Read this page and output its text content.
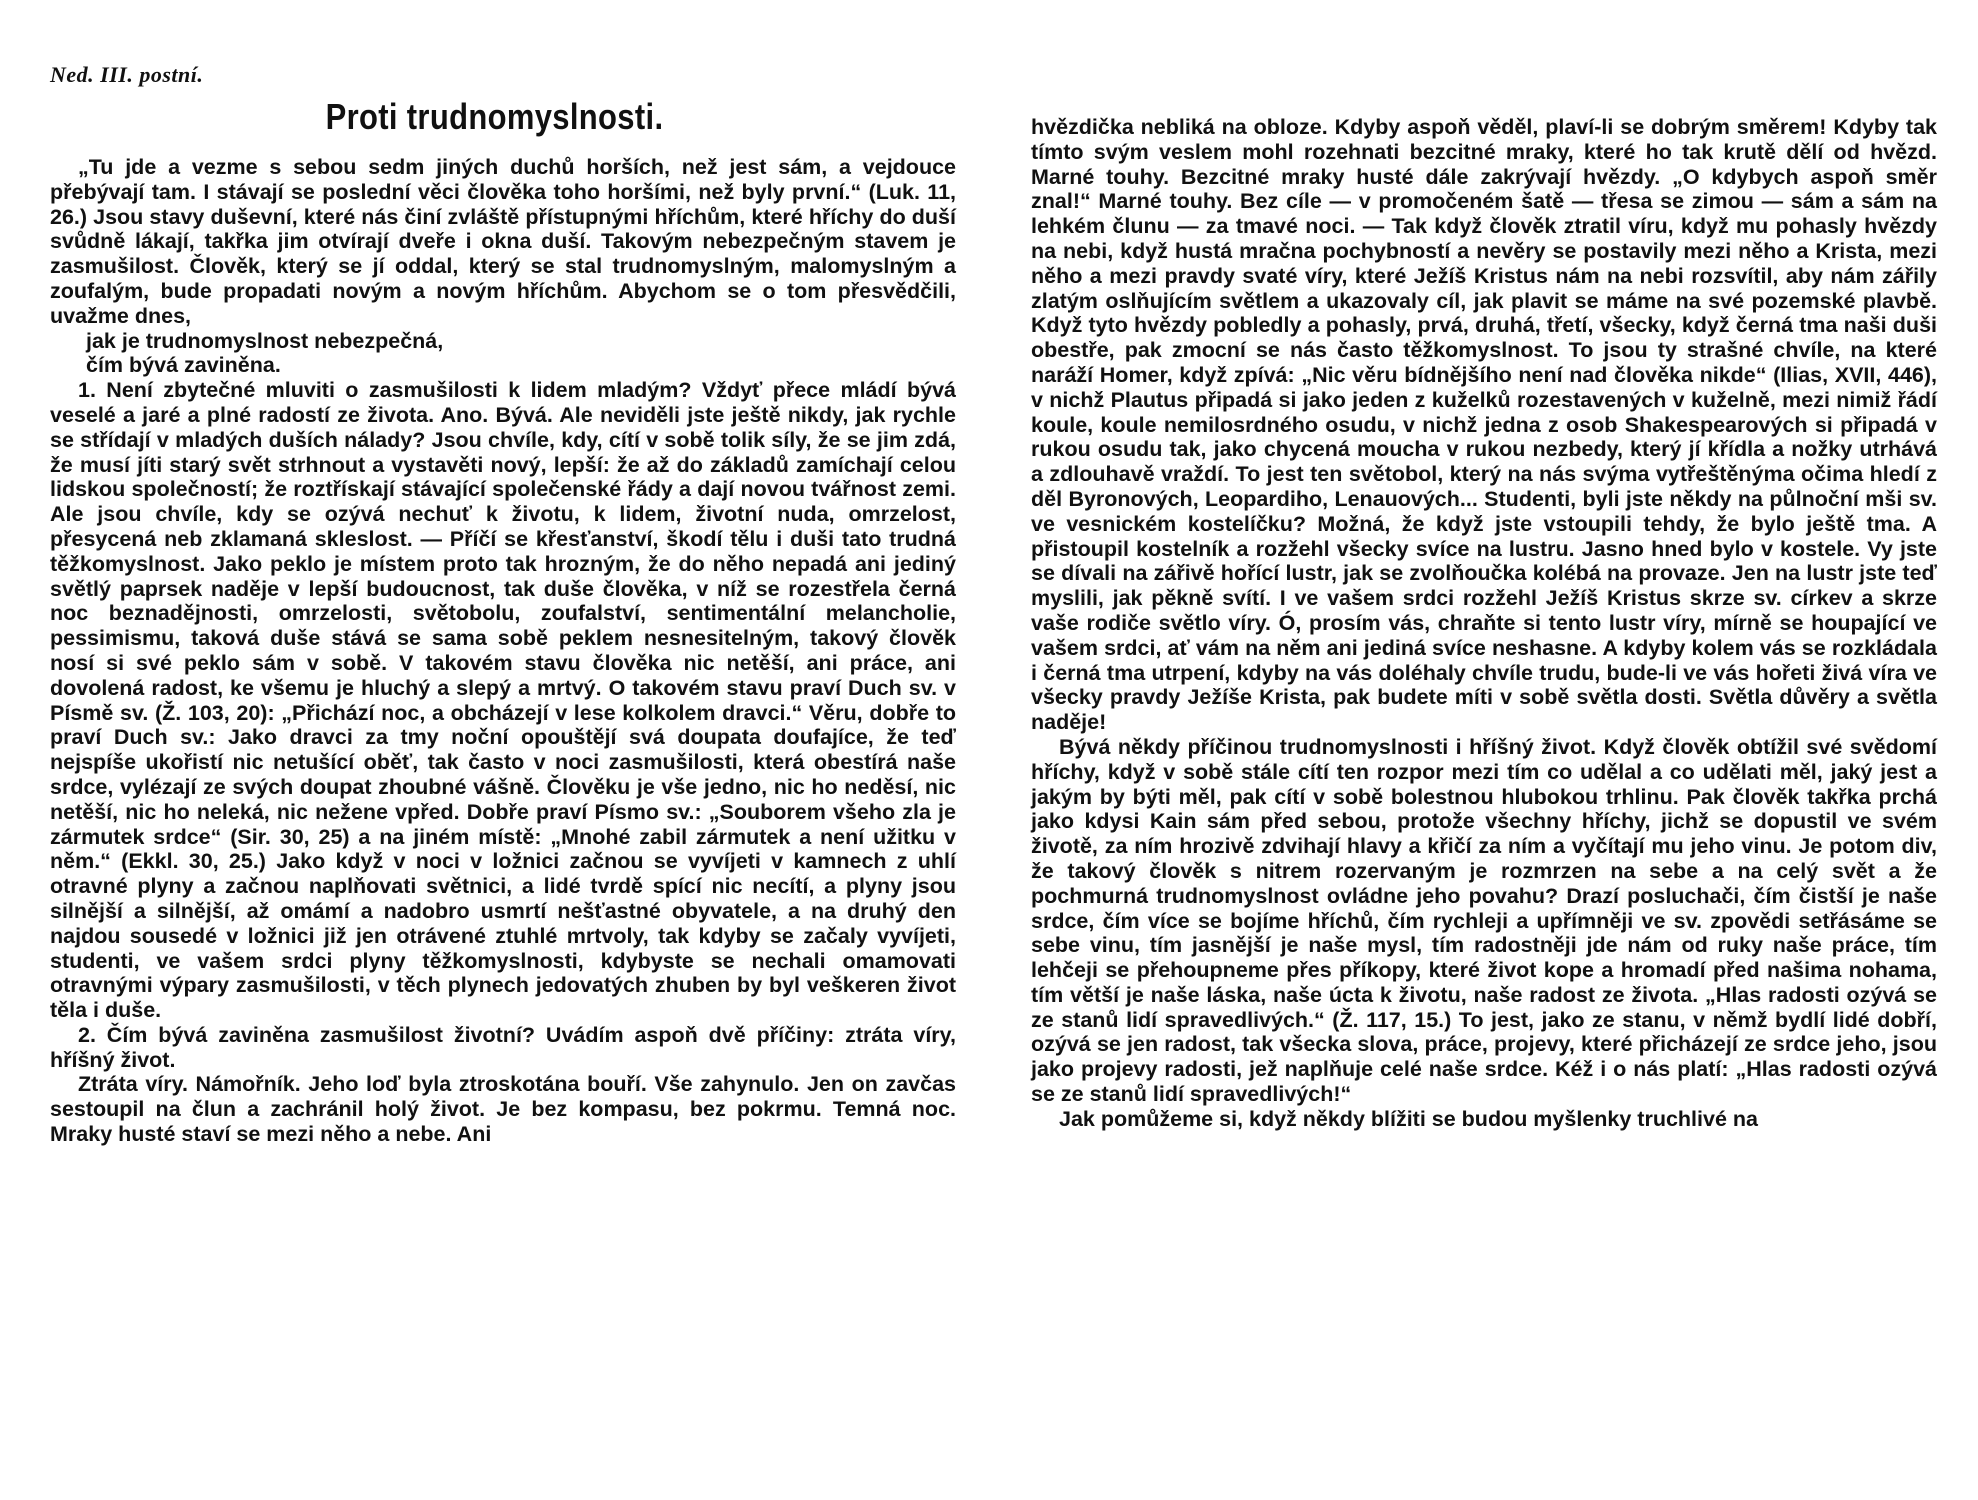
Ned. III. postní.
Proti trudnomyslnosti.

„Tu jde a vezme s sebou sedm jiných duchů horších, než jest sám, a vejdouce přebývají tam. I stávají se poslední věci člověka toho horšími, než byly první.“ (Luk. 11, 26.) Jsou stavy duševní, které nás činí zvláště přístupnými hříchům, které hříchy do duší svůdně lákají, takřka jim otvírají dveře i okna duší. Takovým nebezpečným stavem je zasmušilost. Člověk, který se jí oddal, který se stal trudnomyslným, malomyslným a zoufalým, bude propadati novým a novým hříchům. Abychom se o tom přesvědčili, uvažme dnes,

jak je trudnomyslnost nebezpečná,

čím bývá zaviněna.

1. Není zbytečné mluviti o zasmušilosti k lidem mladým? Vždyť přece mládí bývá veselé a jaré a plné radostí ze života. Ano. Bývá. Ale neviděli jste ještě nikdy, jak rychle se střídají v mladých duších nálady? Jsou chvíle, kdy, cítí v sobě tolik síly, že se jim zdá, že musí jíti starý svět strhnout a vystavěti nový, lepší: že až do základů zamíchají celou lidskou společností; že roztřískají stávající společenské řády a dají novou tvářnost zemi. Ale jsou chvíle, kdy se ozývá nechuť k životu, k lidem, životní nuda, omrzelost, přesycená neb zklamaná skleslost. — Příčí se křesťanství, škodí tělu i duši tato trudná těžkomyslnost. Jako peklo je místem proto tak hrozným, že do něho nepadá ani jediný světlý paprsek naděje v lepší budoucnost, tak duše člověka, v níž se rozestřela černá noc beznadějnosti, omrzelosti, světobolu, zoufalství, sentimentální melancholie, pessimismu, taková duše stává se sama sobě peklem nesnesitelným, takový člověk nosí si své peklo sám v sobě. V takovém stavu člověka nic netěší, ani práce, ani dovolená radost, ke všemu je hluchý a slepý a mrtvý. O takovém stavu praví Duch sv. v Písmě sv. (Ž. 103, 20): „Přichází noc, a obcházejí v lese kolkolem dravci.“ Věru, dobře to praví Duch sv.: Jako dravci za tmy noční opouštějí svá doupata doufajíce, že teď nejspíše ukořistí nic netušící oběť, tak často v noci zasmušilosti, která obestírá naše srdce, vylézají ze svých doupat zhoubné vášně. Člověku je vše jedno, nic ho neděsí, nic netěší, nic ho neleká, nic nežene vpřed. Dobře praví Písmo sv.: „Souborem všeho zla je zármutek srdce“ (Sir. 30, 25) a na jiném místě: „Mnohé zabil zármutek a není užitku v něm.“ (Ekkl. 30, 25.) Jako když v noci v ložnici začnou se vyvíjeti v kamnech z uhlí otravné plyny a začnou naplňovati světnici, a lidé tvrdě spící nic necítí, a plyny jsou silnější a silnější, až omámí a nadobro usmrtí nešťastné obyvatele, a na druhý den najdou sousedé v ložnici již jen otrávené ztuhlé mrtvoly, tak kdyby se začaly vyvíjeti, studenti, ve vašem srdci plyny těžkomyslnosti, kdybyste se nechali omamovati otravnými výpary zasmušilosti, v těch plynech jedovatých zhuben by byl veškeren život těla i duše.

2. Čím bývá zaviněna zasmušilost životní? Uvádím aspoň dvě příčiny: ztráta víry, hříšný život.

Ztráta víry. Námořník. Jeho loď byla ztroskotána bouří. Vše zahynulo. Jen on zavčas sestoupil na člun a zachránil holý život. Je bez kompasu, bez pokrmu. Temná noc. Mraky husté staví se mezi něho a nebe. Ani

hvězdička nebliká na obloze. Kdyby aspoň věděl, plaví-li se dobrým směrem! Kdyby tak tímto svým veslem mohl rozehnati bezcitné mraky, které ho tak krutě dělí od hvězd. Marné touhy. Bezcitné mraky husté dále zakrývají hvězdy. „O kdybych aspoň směr znal!“ Marné touhy. Bez cíle — v promočeném šatě — třesa se zimou — sám a sám na lehkém člunu — za tmavé noci. — Tak když člověk ztratil víru, když mu pohasly hvězdy na nebi, když hustá mračna pochybností a nevěry se postavily mezi něho a Krista, mezi něho a mezi pravdy svaté víry, které Ježíš Kristus nám na nebi rozsvítil, aby nám zářily zlatým oslňujícím světlem a ukazovaly cíl, jak plavit se máme na své pozemské plavbě. Když tyto hvězdy pobledly a pohasly, prvá, druhá, třetí, všecky, když černá tma naši duši obestře, pak zmocní se nás často těžkomyslnost. To jsou ty strašné chvíle, na které naráží Homer, když zpívá: „Nic věru bídnějšího není nad člověka nikde“ (Ilias, XVII, 446), v nichž Plautus připadá si jako jeden z kuželků rozestavených v kuželně, mezi nimiž řádí koule, koule nemilosrdného osudu, v nichž jedna z osob Shakespearových si připadá v rukou osudu tak, jako chycená moucha v rukou nezbedy, který jí křídla a nožky utrhává a zdlouhavě vraždí. To jest ten světobol, který na nás svýma vytřeštěnýma očima hledí z děl Byronových, Leopardiho, Lenauových... Studenti, byli jste někdy na půlnoční mši sv. ve vesnickém kostelíčku? Možná, že když jste vstoupili tehdy, že bylo ještě tma. A přistoupil kostelník a rozžehl všecky svíce na lustru. Jasno hned bylo v kostele. Vy jste se dívali na zářivě hořící lustr, jak se zvolňoučka kolébá na provaze. Jen na lustr jste teď myslili, jak pěkně svítí. I ve vašem srdci rozžehl Ježíš Kristus skrze sv. církev a skrze vaše rodiče světlo víry. Ó, prosím vás, chraňte si tento lustr víry, mírně se houpající ve vašem srdci, ať vám na něm ani jediná svíce neshasne. A kdyby kolem vás se rozkládala i černá tma utrpení, kdyby na vás doléhaly chvíle trudu, bude-li ve vás hořeti živá víra ve všecky pravdy Ježíše Krista, pak budete míti v sobě světla dosti. Světla důvěry a světla naděje!

Bývá někdy příčinou trudnomyslnosti i hříšný život. Když člověk obtížil své svědomí hříchy, když v sobě stále cítí ten rozpor mezi tím co udělal a co udělati měl, jaký jest a jakým by býti měl, pak cítí v sobě bolestnou hlubokou trhlinu. Pak člověk takřka prchá jako kdysi Kain sám před sebou, protože všechny hříchy, jichž se dopustil ve svém životě, za ním hrozivě zdvihají hlavy a křičí za ním a vyčítají mu jeho vinu. Je potom div, že takový člověk s nitrem rozervaným je rozmrzen na sebe a na celý svět a že pochmurná trudnomyslnost ovládne jeho povahu? Drazí posluchači, čím čistší je naše srdce, čím více se bojíme hříchů, čím rychleji a upřímněji ve sv. zpovědi setřásáme se sebe vinu, tím jasnější je naše mysl, tím radostněji jde nám od ruky naše práce, tím lehčeji se přehoupneme přes příkopy, které život kope a hromadí před našima nohama, tím větší je naše láska, naše úcta k životu, naše radost ze života. „Hlas radosti ozývá se ze stanů lidí spravedlivých.“ (Ž. 117, 15.) To jest, jako ze stanu, v němž bydlí lidé dobří, ozývá se jen radost, tak všecka slova, práce, projevy, které přicházejí ze srdce jeho, jsou jako projevy radosti, jež naplňuje celé naše srdce. Kéž i o nás platí: „Hlas radosti ozývá se ze stanů lidí spravedlivých!“

Jak pomůžeme si, když někdy blížiti se budou myšlenky truchlivé na
